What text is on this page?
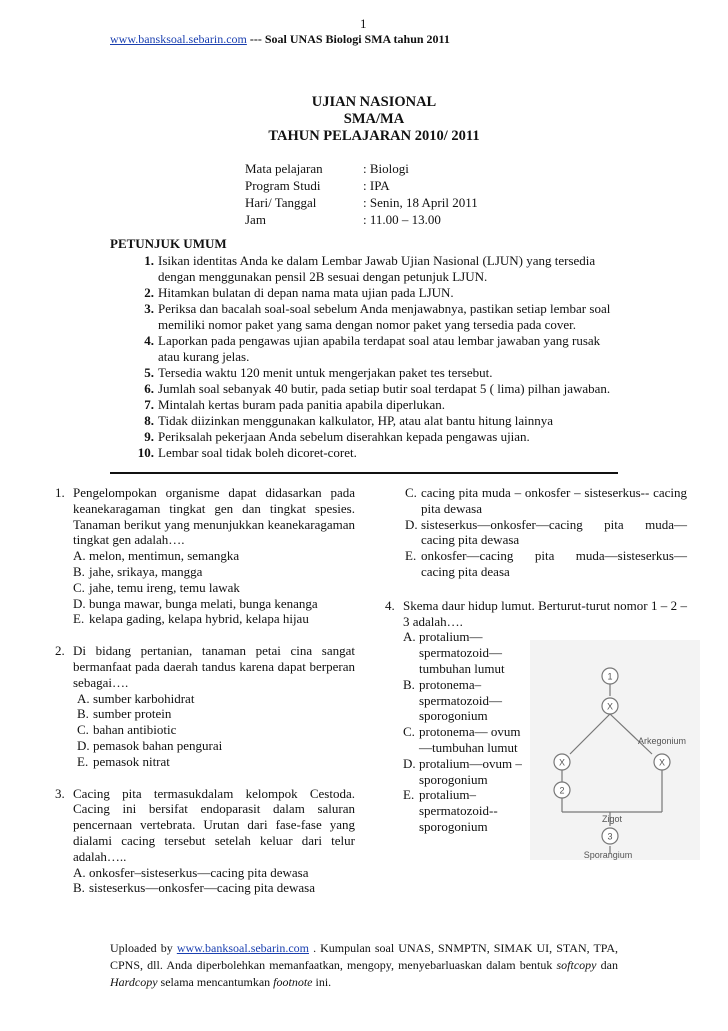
1
www.bansksoal.sebarin.com --- Soal UNAS Biologi SMA tahun 2011
UJIAN NASIONAL
SMA/MA
TAHUN PELAJARAN 2010/ 2011
Mata pelajaran	: Biologi
Program Studi	: IPA
Hari/ Tanggal	: Senin, 18 April 2011
Jam	: 11.00 – 13.00
PETUNJUK UMUM
1. Isikan identitas Anda ke dalam Lembar Jawab Ujian Nasional (LJUN) yang tersedia dengan menggunakan pensil 2B sesuai dengan petunjuk LJUN.
2. Hitamkan bulatan di depan nama mata ujian pada LJUN.
3. Periksa dan bacalah soal-soal sebelum Anda menjawabnya, pastikan setiap lembar soal memiliki nomor paket yang sama dengan nomor paket yang tersedia pada cover.
4. Laporkan pada pengawas ujian apabila terdapat soal atau lembar jawaban yang rusak atau kurang jelas.
5. Tersedia waktu 120 menit untuk mengerjakan paket tes tersebut.
6. Jumlah soal sebanyak 40 butir, pada setiap butir soal terdapat 5 ( lima) pilhan jawaban.
7. Mintalah kertas buram pada panitia apabila diperlukan.
8. Tidak diizinkan menggunakan kalkulator, HP, atau alat bantu hitung lainnya
9. Periksalah pekerjaan Anda sebelum diserahkan kepada pengawas ujian.
10. Lembar soal tidak boleh dicoret-coret.
1. Pengelompokan organisme dapat didasarkan pada keanekaragaman tingkat gen dan tingkat spesies. Tanaman berikut yang menunjukkan keanekaragaman tingkat gen adalah….
A. melon, mentimun, semangka
B. jahe, srikaya, mangga
C. jahe, temu ireng, temu lawak
D. bunga mawar, bunga melati, bunga kenanga
E. kelapa gading, kelapa hybrid, kelapa hijau
2. Di bidang pertanian, tanaman petai cina sangat bermanfaat pada daerah tandus karena dapat berperan sebagai….
A. sumber karbohidrat
B. sumber protein
C. bahan antibiotic
D. pemasok bahan pengurai
E. pemasok nitrat
3. Cacing pita termasukdalam kelompok Cestoda. Cacing ini bersifat endoparasit dalam saluran pencernaan vertebrata. Urutan dari fase-fase yang dialami cacing tersebut setelah keluar dari telur adalah…..
A. onkosfer–sisteserkus—cacing pita dewasa
B. sisteserkus—onkosfer—cacing pita dewasa
C. cacing pita muda – onkosfer – sisteserkus-- cacing pita dewasa
D. sisteserkus—onkosfer—cacing pita muda— cacing pita dewasa
E. onkosfer—cacing pita muda—sisteserkus— cacing pita deasa
4. Skema daur hidup lumut. Berturut-turut nomor 1 – 2 – 3 adalah….
A. protalium— spermatozoid— tumbuhan lumut
B. protonema– spermatozoid— sporogonium
C. protonema— ovum—tumbuhan lumut
D. protalium—ovum – sporogonium
E. protalium– spermatozoid-- sporogonium
1
2
3
X
X	X
Arkegonium
Zigot
Sporangium
Uploaded by www.banksoal.sebarin.com . Kumpulan soal UNAS, SNMPTN, SIMAK UI, STAN, TPA, CPNS, dll. Anda diperbolehkan memanfaatkan, mengopy, menyebarluaskan dalam bentuk softcopy dan Hardcopy selama mencantumkan footnote ini.
